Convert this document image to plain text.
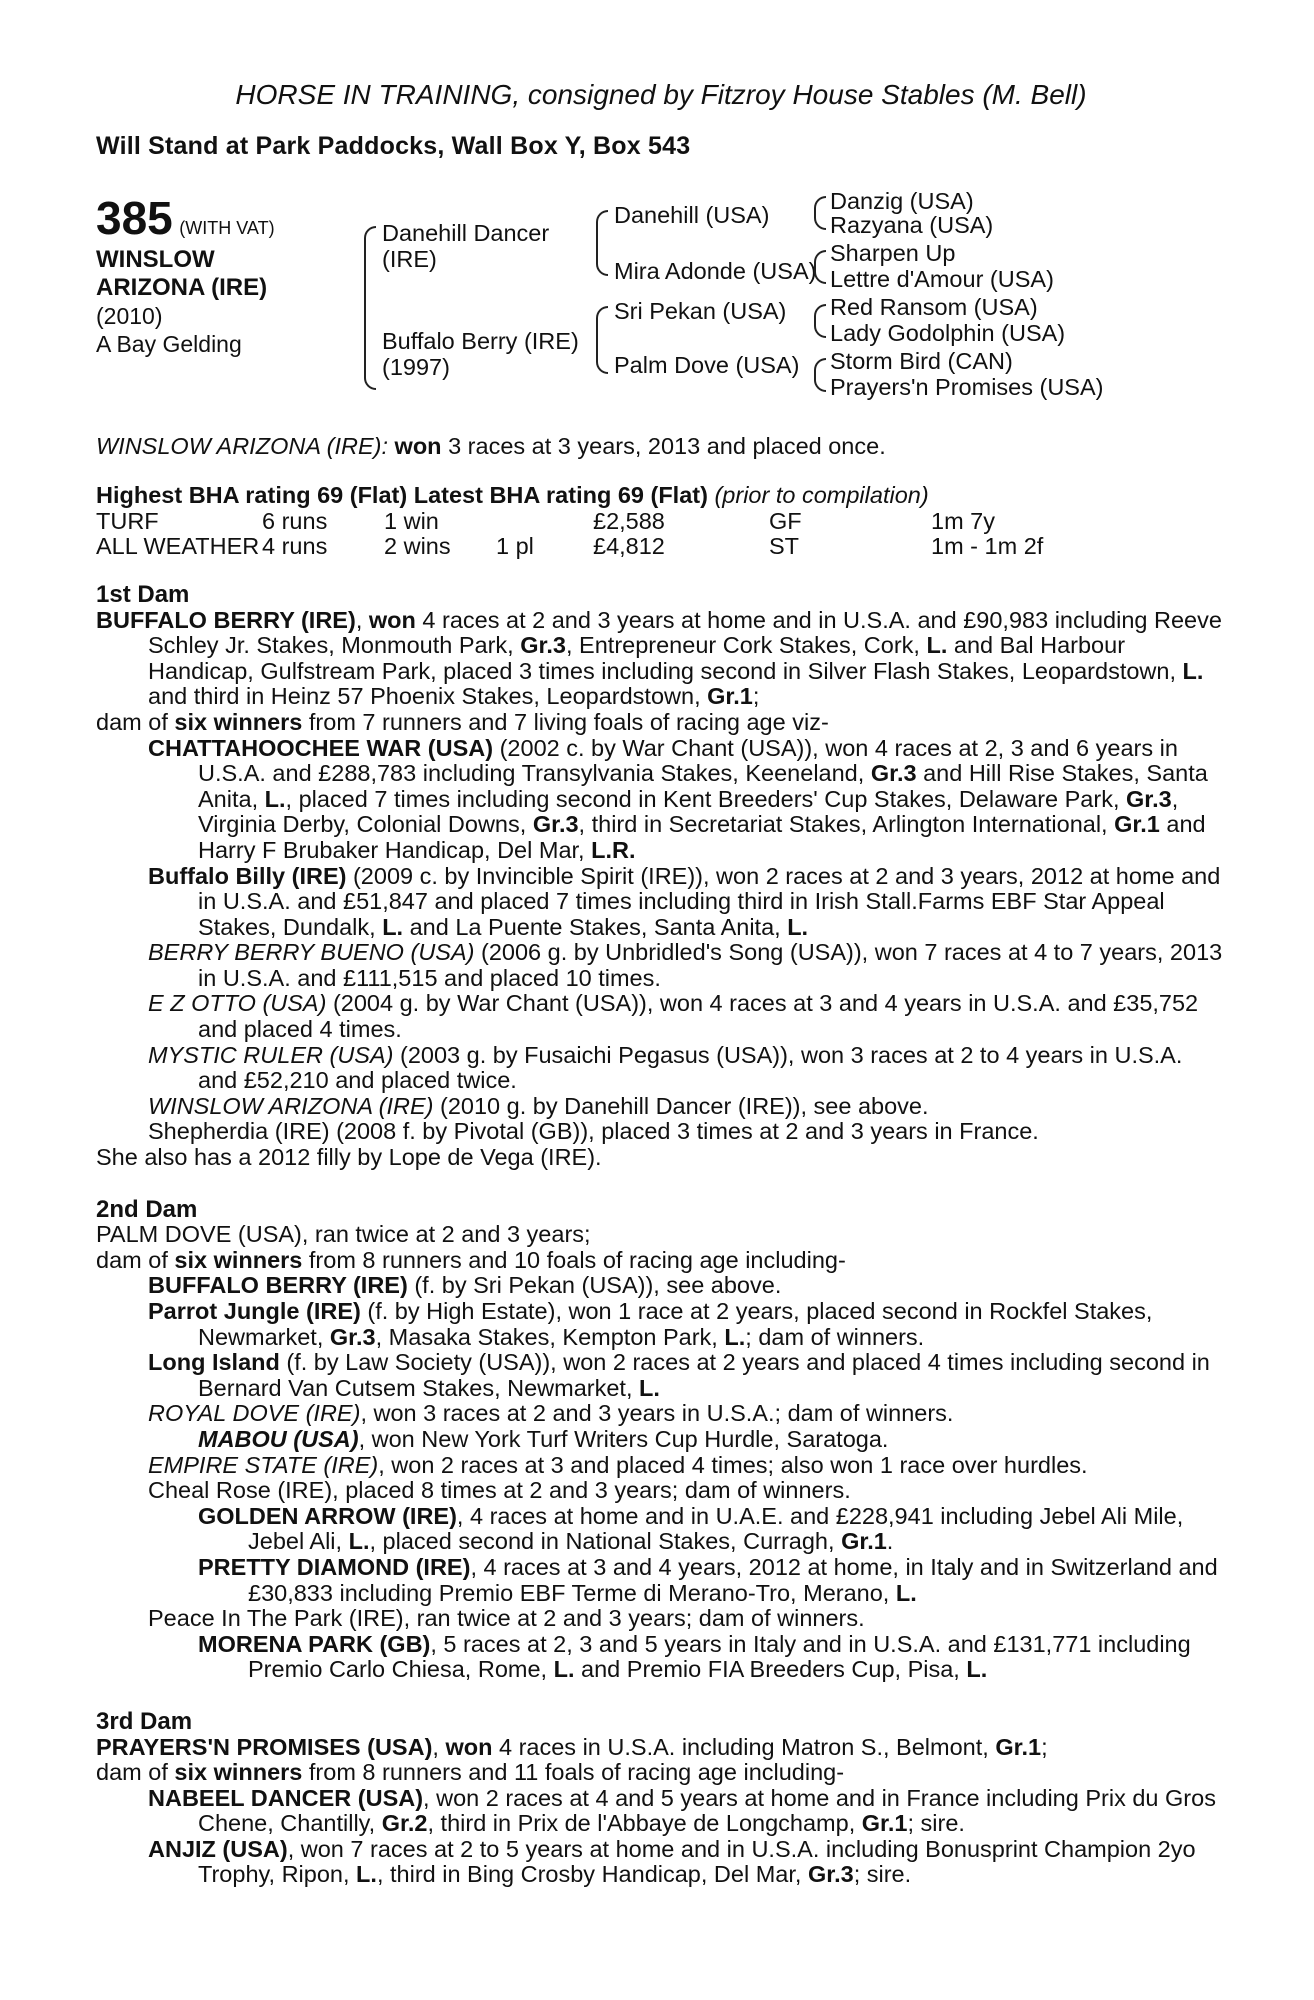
HORSE IN TRAINING, consigned by Fitzroy House Stables (M. Bell)
Will Stand at Park Paddocks, Wall Box Y, Box 543
385 (WITH VAT)
WINSLOW
ARIZONA (IRE)
(2010)
A Bay Gelding
Danehill Dancer
(IRE)
Buffalo Berry (IRE)
(1997)
Danehill (USA)
Mira Adonde (USA)
Sri Pekan (USA)
Palm Dove (USA)
Danzig (USA)
Razyana (USA)
Sharpen Up
Lettre d'Amour (USA)
Red Ransom (USA)
Lady Godolphin (USA)
Storm Bird (CAN)
Prayers'n Promises (USA)
WINSLOW ARIZONA (IRE): won 3 races at 3 years, 2013 and placed once.
Highest BHA rating 69 (Flat) Latest BHA rating 69 (Flat) (prior to compilation)
TURF	6 runs	1 win		£2,588	GF	1m 7y
ALL WEATHER	4 runs	2 wins	1 pl	£4,812	ST	1m - 1m 2f
1st Dam
BUFFALO BERRY (IRE), won 4 races at 2 and 3 years at home and in U.S.A. and £90,983 including Reeve Schley Jr. Stakes, Monmouth Park, Gr.3, Entrepreneur Cork Stakes, Cork, L. and Bal Harbour Handicap, Gulfstream Park, placed 3 times including second in Silver Flash Stakes, Leopardstown, L. and third in Heinz 57 Phoenix Stakes, Leopardstown, Gr.1;
dam of six winners from 7 runners and 7 living foals of racing age viz-
CHATTAHOOCHEE WAR (USA) (2002 c. by War Chant (USA)), won 4 races at 2, 3 and 6 years in U.S.A. and £288,783 including Transylvania Stakes, Keeneland, Gr.3 and Hill Rise Stakes, Santa Anita, L., placed 7 times including second in Kent Breeders' Cup Stakes, Delaware Park, Gr.3, Virginia Derby, Colonial Downs, Gr.3, third in Secretariat Stakes, Arlington International, Gr.1 and Harry F Brubaker Handicap, Del Mar, L.R.
Buffalo Billy (IRE) (2009 c. by Invincible Spirit (IRE)), won 2 races at 2 and 3 years, 2012 at home and in U.S.A. and £51,847 and placed 7 times including third in Irish Stall.Farms EBF Star Appeal Stakes, Dundalk, L. and La Puente Stakes, Santa Anita, L.
BERRY BERRY BUENO (USA) (2006 g. by Unbridled's Song (USA)), won 7 races at 4 to 7 years, 2013 in U.S.A. and £111,515 and placed 10 times.
E Z OTTO (USA) (2004 g. by War Chant (USA)), won 4 races at 3 and 4 years in U.S.A. and £35,752 and placed 4 times.
MYSTIC RULER (USA) (2003 g. by Fusaichi Pegasus (USA)), won 3 races at 2 to 4 years in U.S.A. and £52,210 and placed twice.
WINSLOW ARIZONA (IRE) (2010 g. by Danehill Dancer (IRE)), see above.
Shepherdia (IRE) (2008 f. by Pivotal (GB)), placed 3 times at 2 and 3 years in France.
She also has a 2012 filly by Lope de Vega (IRE).
2nd Dam
PALM DOVE (USA), ran twice at 2 and 3 years;
dam of six winners from 8 runners and 10 foals of racing age including-
BUFFALO BERRY (IRE) (f. by Sri Pekan (USA)), see above.
Parrot Jungle (IRE) (f. by High Estate), won 1 race at 2 years, placed second in Rockfel Stakes, Newmarket, Gr.3, Masaka Stakes, Kempton Park, L.; dam of winners.
Long Island (f. by Law Society (USA)), won 2 races at 2 years and placed 4 times including second in Bernard Van Cutsem Stakes, Newmarket, L.
ROYAL DOVE (IRE), won 3 races at 2 and 3 years in U.S.A.; dam of winners.
MABOU (USA), won New York Turf Writers Cup Hurdle, Saratoga.
EMPIRE STATE (IRE), won 2 races at 3 and placed 4 times; also won 1 race over hurdles.
Cheal Rose (IRE), placed 8 times at 2 and 3 years; dam of winners.
GOLDEN ARROW (IRE), 4 races at home and in U.A.E. and £228,941 including Jebel Ali Mile, Jebel Ali, L., placed second in National Stakes, Curragh, Gr.1.
PRETTY DIAMOND (IRE), 4 races at 3 and 4 years, 2012 at home, in Italy and in Switzerland and £30,833 including Premio EBF Terme di Merano-Tro, Merano, L.
Peace In The Park (IRE), ran twice at 2 and 3 years; dam of winners.
MORENA PARK (GB), 5 races at 2, 3 and 5 years in Italy and in U.S.A. and £131,771 including Premio Carlo Chiesa, Rome, L. and Premio FIA Breeders Cup, Pisa, L.
3rd Dam
PRAYERS'N PROMISES (USA), won 4 races in U.S.A. including Matron S., Belmont, Gr.1;
dam of six winners from 8 runners and 11 foals of racing age including-
NABEEL DANCER (USA), won 2 races at 4 and 5 years at home and in France including Prix du Gros Chene, Chantilly, Gr.2, third in Prix de l'Abbaye de Longchamp, Gr.1; sire.
ANJIZ (USA), won 7 races at 2 to 5 years at home and in U.S.A. including Bonusprint Champion 2yo Trophy, Ripon, L., third in Bing Crosby Handicap, Del Mar, Gr.3; sire.
